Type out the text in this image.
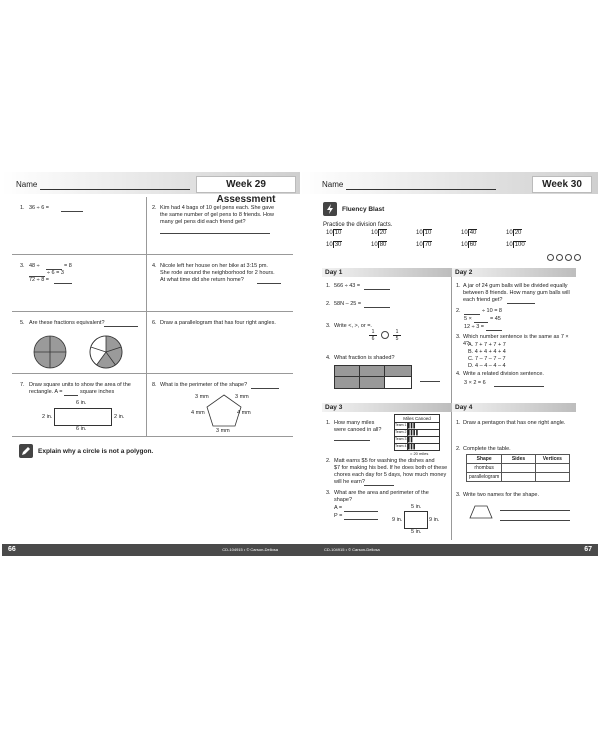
Name	Week 29 Assessment
1. 36 ÷ 6 =	2. Kim had 4 bags of 10 gel pens each. She gave
the same number of gel pens to 8 friends. How
many gel pens did each friend get?
3. 48 ÷	= 8
÷ 6 = 3
72 ÷ 8 =
4. Nicole left her house on her bike at 3:15 pm.
She rode around the neighborhood for 2 hours.
At what time did she return home?
5. Are these fractions equivalent?	6. Draw a parallelogram that has four right angles.
7. Draw square units to show the area of the
rectangle. A =	square inches
6 in.
2 in.	2 in.
6 in.
8. What is the perimeter of the shape?
3 mm	3 mm
4 mm	4 mm
3 mm
Explain why a circle is not a polygon.
66	CD-104915 • © Carson-Dellosa
Name	Week 30
Fluency Blast
Practice the division facts.
10 10	10 20	10 10	10 40	10 20
10 30	10 80	10 70	10 60	10 100
Day 1
1. 566 ÷ 43 =
2. 58N – 25 =
3. Write <, >, or =.
1
6
1
5
4. What fraction is shaded?
Day 2
1. A jar of 24 gum balls will be divided equally
between 8 friends. How many gum balls will
each friend get?
2.	÷ 10 = 8
5 ×	= 45
12 ÷ 3 =
3. Which number sentence is the same as 7 × 4?
A. 7 + 7 + 7 + 7
B. 4 + 4 + 4 + 4
C. 7 – 7 – 7 – 7
D. 4 – 4 – 4 – 4
4. Write a related division sentence.
3 × 2 = 6
Day 3
1. How many miles
were canoed in all?
Miles Canoed
Team 1 ▌▌▌
Team 2 ▌▌▌▌
Team 3 ▌▌
Team 4 ▌▌▌
= 20 miles
2. Matt earns $5 for washing the dishes and
$7 for making his bed. If he does both of these
chores each day for 5 days, how much money
will he earn?
3. What are the area and perimeter of the
shape?
A =
P =
5 in.
9 in.	9 in.
5 in.
Day 4
1. Draw a pentagon that has one right angle.
2. Complete the table.
Shape	Sides	Vertices
rhombus		
parallelogram		
3. Write two names for the shape.
CD-104915 • © Carson-Dellosa	67
